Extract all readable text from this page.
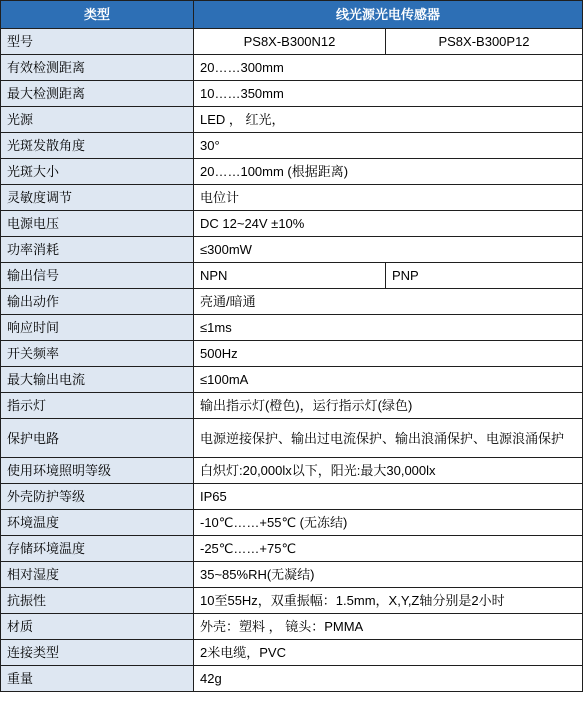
类型	线光源光电传感器	
型号	PS8X-B300N12	PS8X-B300P12
有效检测距离	20……300mm	
最大检测距离	10……350mm	
光源	LED ， 红光，	
光斑发散角度	30°	
光斑大小	20……100mm (根据距离)	
灵敏度调节	电位计	
电源电压	DC 12~24V ±10%	
功率消耗	≤300mW	
输出信号	NPN	PNP
输出动作	亮通/暗通	
响应时间	≤1ms	
开关频率	500Hz	
最大输出电流	≤100mA	
指示灯	输出指示灯(橙色)，运行指示灯(绿色)	
保护电路	电源逆接保护、输出过电流保护、输出浪涌保护、电源浪涌保护	
使用环境照明等级	白炽灯:20,000lx以下，阳光:最大30,000lx	
外壳防护等级	IP65	
环境温度	-10℃……+55℃ (无冻结)	
存储环境温度	-25℃……+75℃	
相对湿度	35~85%RH(无凝结)	
抗振性	10至55Hz，双重振幅：1.5mm，X,Y,Z轴分别是2小时	
材质	外壳：塑料 ， 镜头：PMMA	
连接类型	2米电缆，PVC	
重量	42g	
